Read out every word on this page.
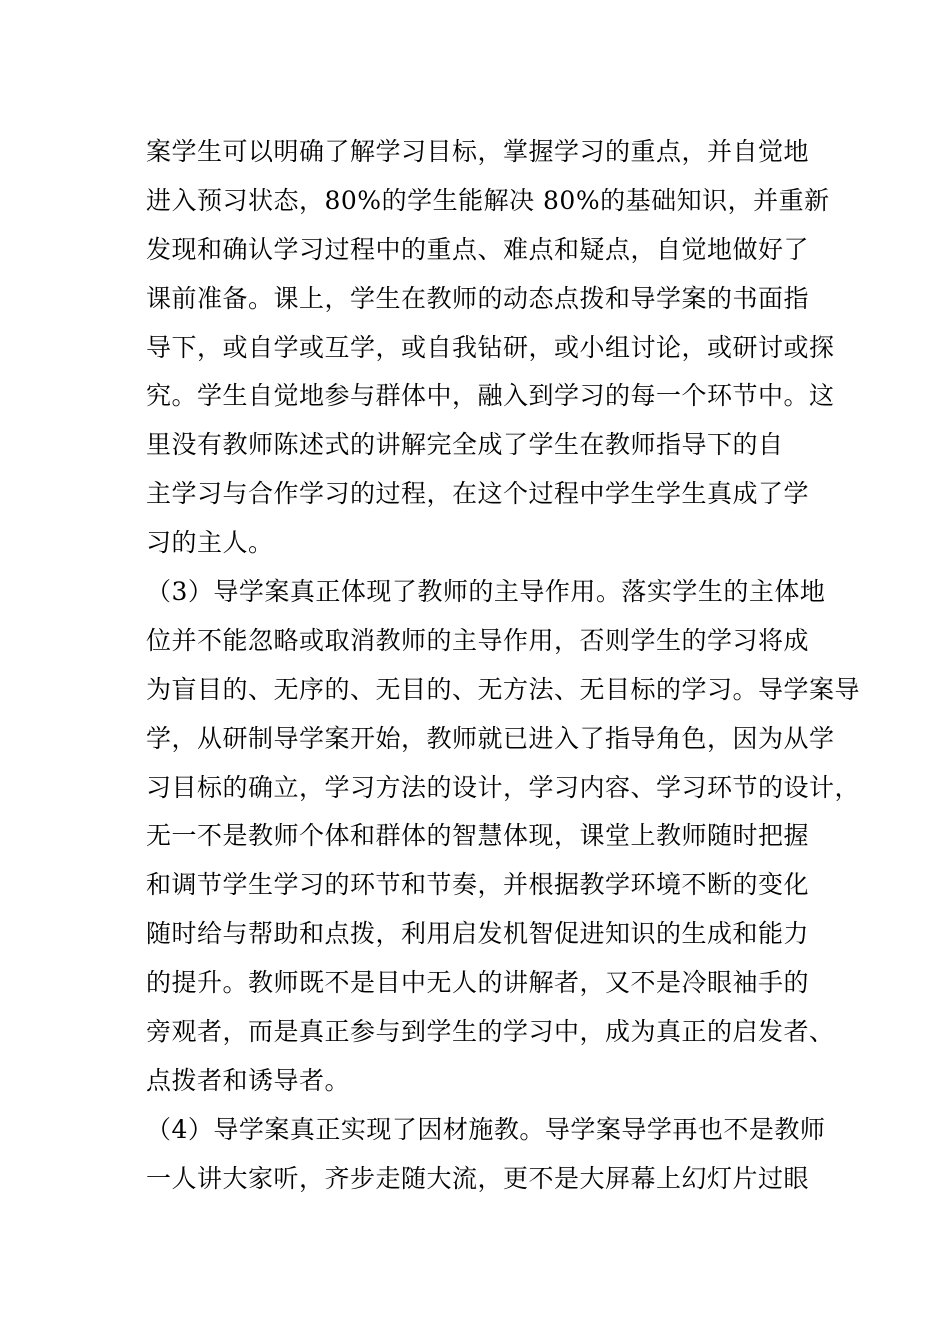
案学生可以明确了解学习目标，掌握学习的重点，并自觉地
进入预习状态，80%的学生能解决 80%的基础知识，并重新
发现和确认学习过程中的重点、难点和疑点，自觉地做好了
课前准备。课上，学生在教师的动态点拨和导学案的书面指
导下，或自学或互学，或自我钻研，或小组讨论，或研讨或探
究。学生自觉地参与群体中，融入到学习的每一个环节中。这
里没有教师陈述式的讲解完全成了学生在教师指导下的自
主学习与合作学习的过程，在这个过程中学生学生真成了学
习的主人。
（3）导学案真正体现了教师的主导作用。落实学生的主体地
位并不能忽略或取消教师的主导作用，否则学生的学习将成
为盲目的、无序的、无目的、无方法、无目标的学习。导学案导
学，从研制导学案开始，教师就已进入了指导角色，因为从学
习目标的确立，学习方法的设计，学习内容、学习环节的设计，
无一不是教师个体和群体的智慧体现，课堂上教师随时把握
和调节学生学习的环节和节奏，并根据教学环境不断的变化
随时给与帮助和点拨，利用启发机智促进知识的生成和能力
的提升。教师既不是目中无人的讲解者，又不是冷眼袖手的
旁观者，而是真正参与到学生的学习中，成为真正的启发者、
点拨者和诱导者。
（4）导学案真正实现了因材施教。导学案导学再也不是教师
一人讲大家听，齐步走随大流，更不是大屏幕上幻灯片过眼
